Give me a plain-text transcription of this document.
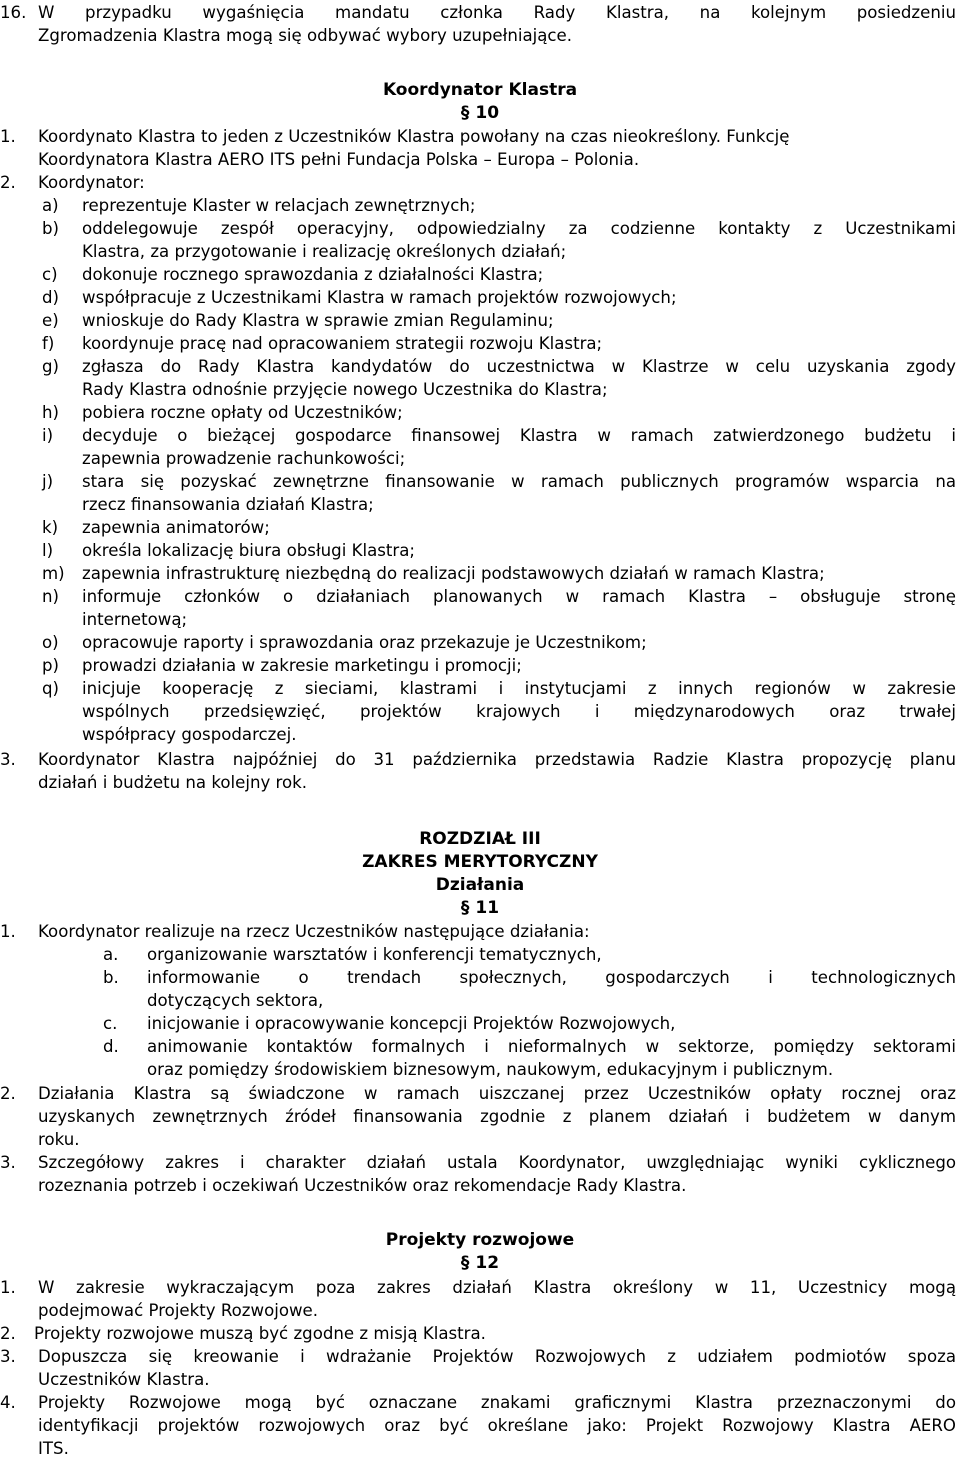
16. W przypadku wygaśnięcia mandatu członka Rady Klastra, na kolejnym posiedzeniu
Zgromadzenia Klastra mogą się odbywać wybory uzupełniające.
Koordynator Klastra
§ 10
1. Koordynato Klastra to jeden z Uczestników Klastra powołany na czas nieokreślony. Funkcję
Koordynatora Klastra AERO ITS pełni Fundacja Polska – Europa – Polonia.
2. Koordynator:
a) reprezentuje Klaster w relacjach zewnętrznych;
b) oddelegowuje zespół operacyjny, odpowiedzialny za codzienne kontakty z Uczestnikami
Klastra, za przygotowanie i realizację określonych działań;
c) dokonuje rocznego sprawozdania z działalności Klastra;
d) współpracuje z Uczestnikami Klastra w ramach projektów rozwojowych;
e) wnioskuje do Rady Klastra w sprawie zmian Regulaminu;
f) koordynuje pracę nad opracowaniem strategii rozwoju Klastra;
g) zgłasza do Rady Klastra kandydatów do uczestnictwa w Klastrze w celu uzyskania zgody
Rady Klastra odnośnie przyjęcie nowego Uczestnika do Klastra;
h) pobiera roczne opłaty od Uczestników;
i) decyduje o bieżącej gospodarce finansowej Klastra w ramach zatwierdzonego budżetu i
zapewnia prowadzenie rachunkowości;
j) stara się pozyskać zewnętrzne finansowanie w ramach publicznych programów wsparcia na
rzecz finansowania działań Klastra;
k) zapewnia animatorów;
l) określa lokalizację biura obsługi Klastra;
m) zapewnia infrastrukturę niezbędną do realizacji podstawowych działań w ramach Klastra;
n) informuje członków o działaniach planowanych w ramach Klastra – obsługuje stronę
internetową;
o) opracowuje raporty i sprawozdania oraz przekazuje je Uczestnikom;
p) prowadzi działania w zakresie marketingu i promocji;
q) inicjuje kooperację z sieciami, klastrami i instytucjami z innych regionów w zakresie
wspólnych przedsięwzięć, projektów krajowych i międzynarodowych oraz trwałej
współpracy gospodarczej.
3. Koordynator Klastra najpóźniej do 31 października przedstawia Radzie Klastra propozycję planu
działań i budżetu na kolejny rok.
ROZDZIAŁ III
ZAKRES MERYTORYCZNY
Działania
§ 11
1. Koordynator realizuje na rzecz Uczestników następujące działania:
a. organizowanie warsztatów i konferencji tematycznych,
b. informowanie o trendach społecznych, gospodarczych i technologicznych
dotyczących sektora,
c. inicjowanie i opracowywanie koncepcji Projektów Rozwojowych,
d. animowanie kontaktów formalnych i nieformalnych w sektorze, pomiędzy sektorami
oraz pomiędzy środowiskiem biznesowym, naukowym, edukacyjnym i publicznym.
2. Działania Klastra są świadczone w ramach uiszczanej przez Uczestników opłaty rocznej oraz
uzyskanych zewnętrznych źródeł finansowania zgodnie z planem działań i budżetem w danym
roku.
3. Szczegółowy zakres i charakter działań ustala Koordynator, uwzględniając wyniki cyklicznego
rozeznania potrzeb i oczekiwań Uczestników oraz rekomendacje Rady Klastra.
Projekty rozwojowe
§ 12
1. W zakresie wykraczającym poza zakres działań Klastra określony w 11, Uczestnicy mogą
podejmować Projekty Rozwojowe.
2. Projekty rozwojowe muszą być zgodne z misją Klastra.
3. Dopuszcza się kreowanie i wdrażanie Projektów Rozwojowych z udziałem podmiotów spoza
Uczestników Klastra.
4. Projekty Rozwojowe mogą być oznaczane znakami graficznymi Klastra przeznaczonymi do
identyfikacji projektów rozwojowych oraz być określane jako: Projekt Rozwojowy Klastra AERO
ITS.
